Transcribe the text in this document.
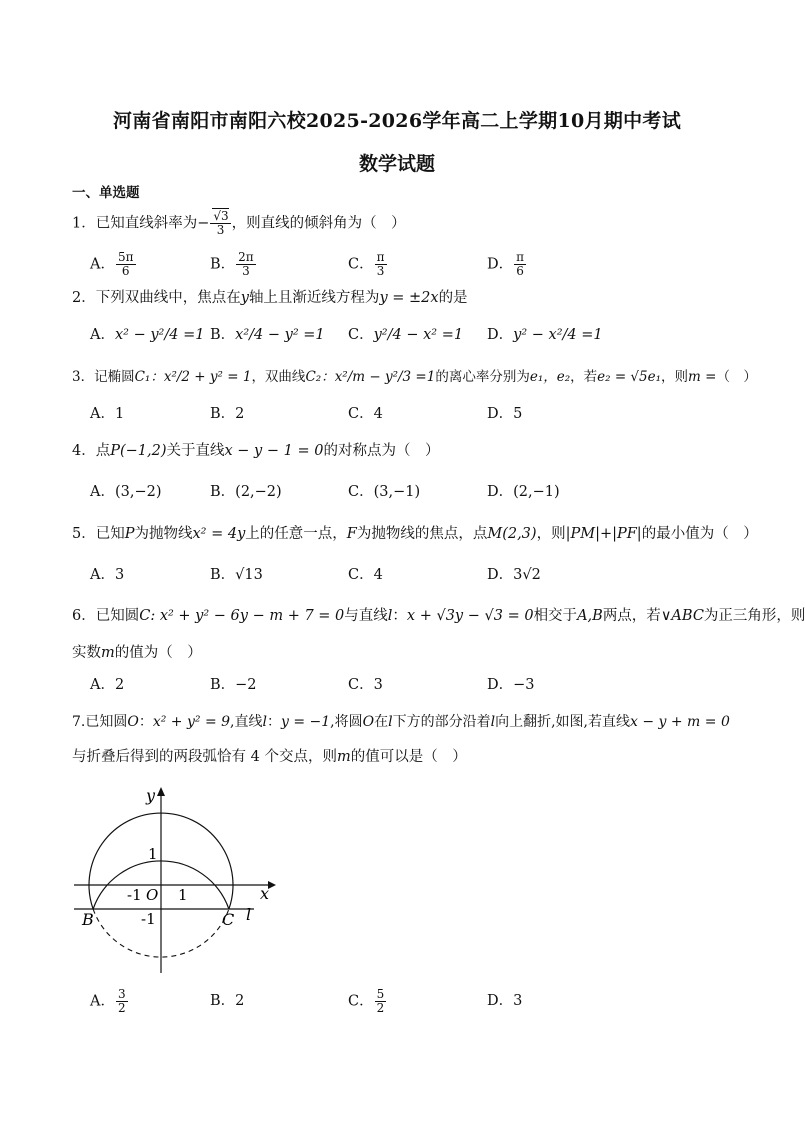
河南省南阳市南阳六校2025-2026学年高二上学期10月期中考试
数学试题
一、单选题
1．已知直线斜率为− $\frac{√3}{3}$ ，则直线的倾斜角为（　）
A． $\frac{5\pi}{6}$	B． $\frac{2\pi}{3}$	C． $\frac{\pi}{3}$	D． $\frac{\pi}{6}$
2．下列双曲线中，焦点在y轴上且渐近线方程为y = ±2x的是
A．x² − y²/4 =1 B．x²/4 − y² =1 C．y²/4 − x² =1 D．y² − x²/4 =1
3．记椭圆C₁：x²/2 + y² = 1，双曲线C₂：x²/m − y²/3 =1的离心率分别为e₁，e₂，若e₂ = √5e₁，则m =（　）
A．1	B．2	C．4	D．5
4．点P(−1,2)关于直线x − y − 1 = 0的对称点为（　）
A．(3,−2)	B．(2,−2)	C．(3,−1)	D．(2,−1)
5．已知P为抛物线x² = 4y上的任意一点，F为抛物线的焦点，点M(2,3)，则|PM|+|PF|的最小值为（　）
A．3	B．√13	C．4	D．3√2
6．已知圆C: x² + y² − 6y − m + 7 = 0与直线l：x + √3y − √3 = 0相交于A,B两点，若∨ABC为正三角形，则
实数m的值为（　）
A．2	B．−2	C．3	D．−3
7.已知圆O：x² + y² = 9,直线l：y = −1,将圆O在l下方的部分沿着l向上翻折,如图,若直线x − y + m = 0
与折叠后得到的两段弧恰有 4 个交点，则m的值可以是（　）
y
x
1
-1 O 1
-1
B	C l
A． $\frac{3}{2}$	B．2	C． $\frac{5}{2}$	D．3
